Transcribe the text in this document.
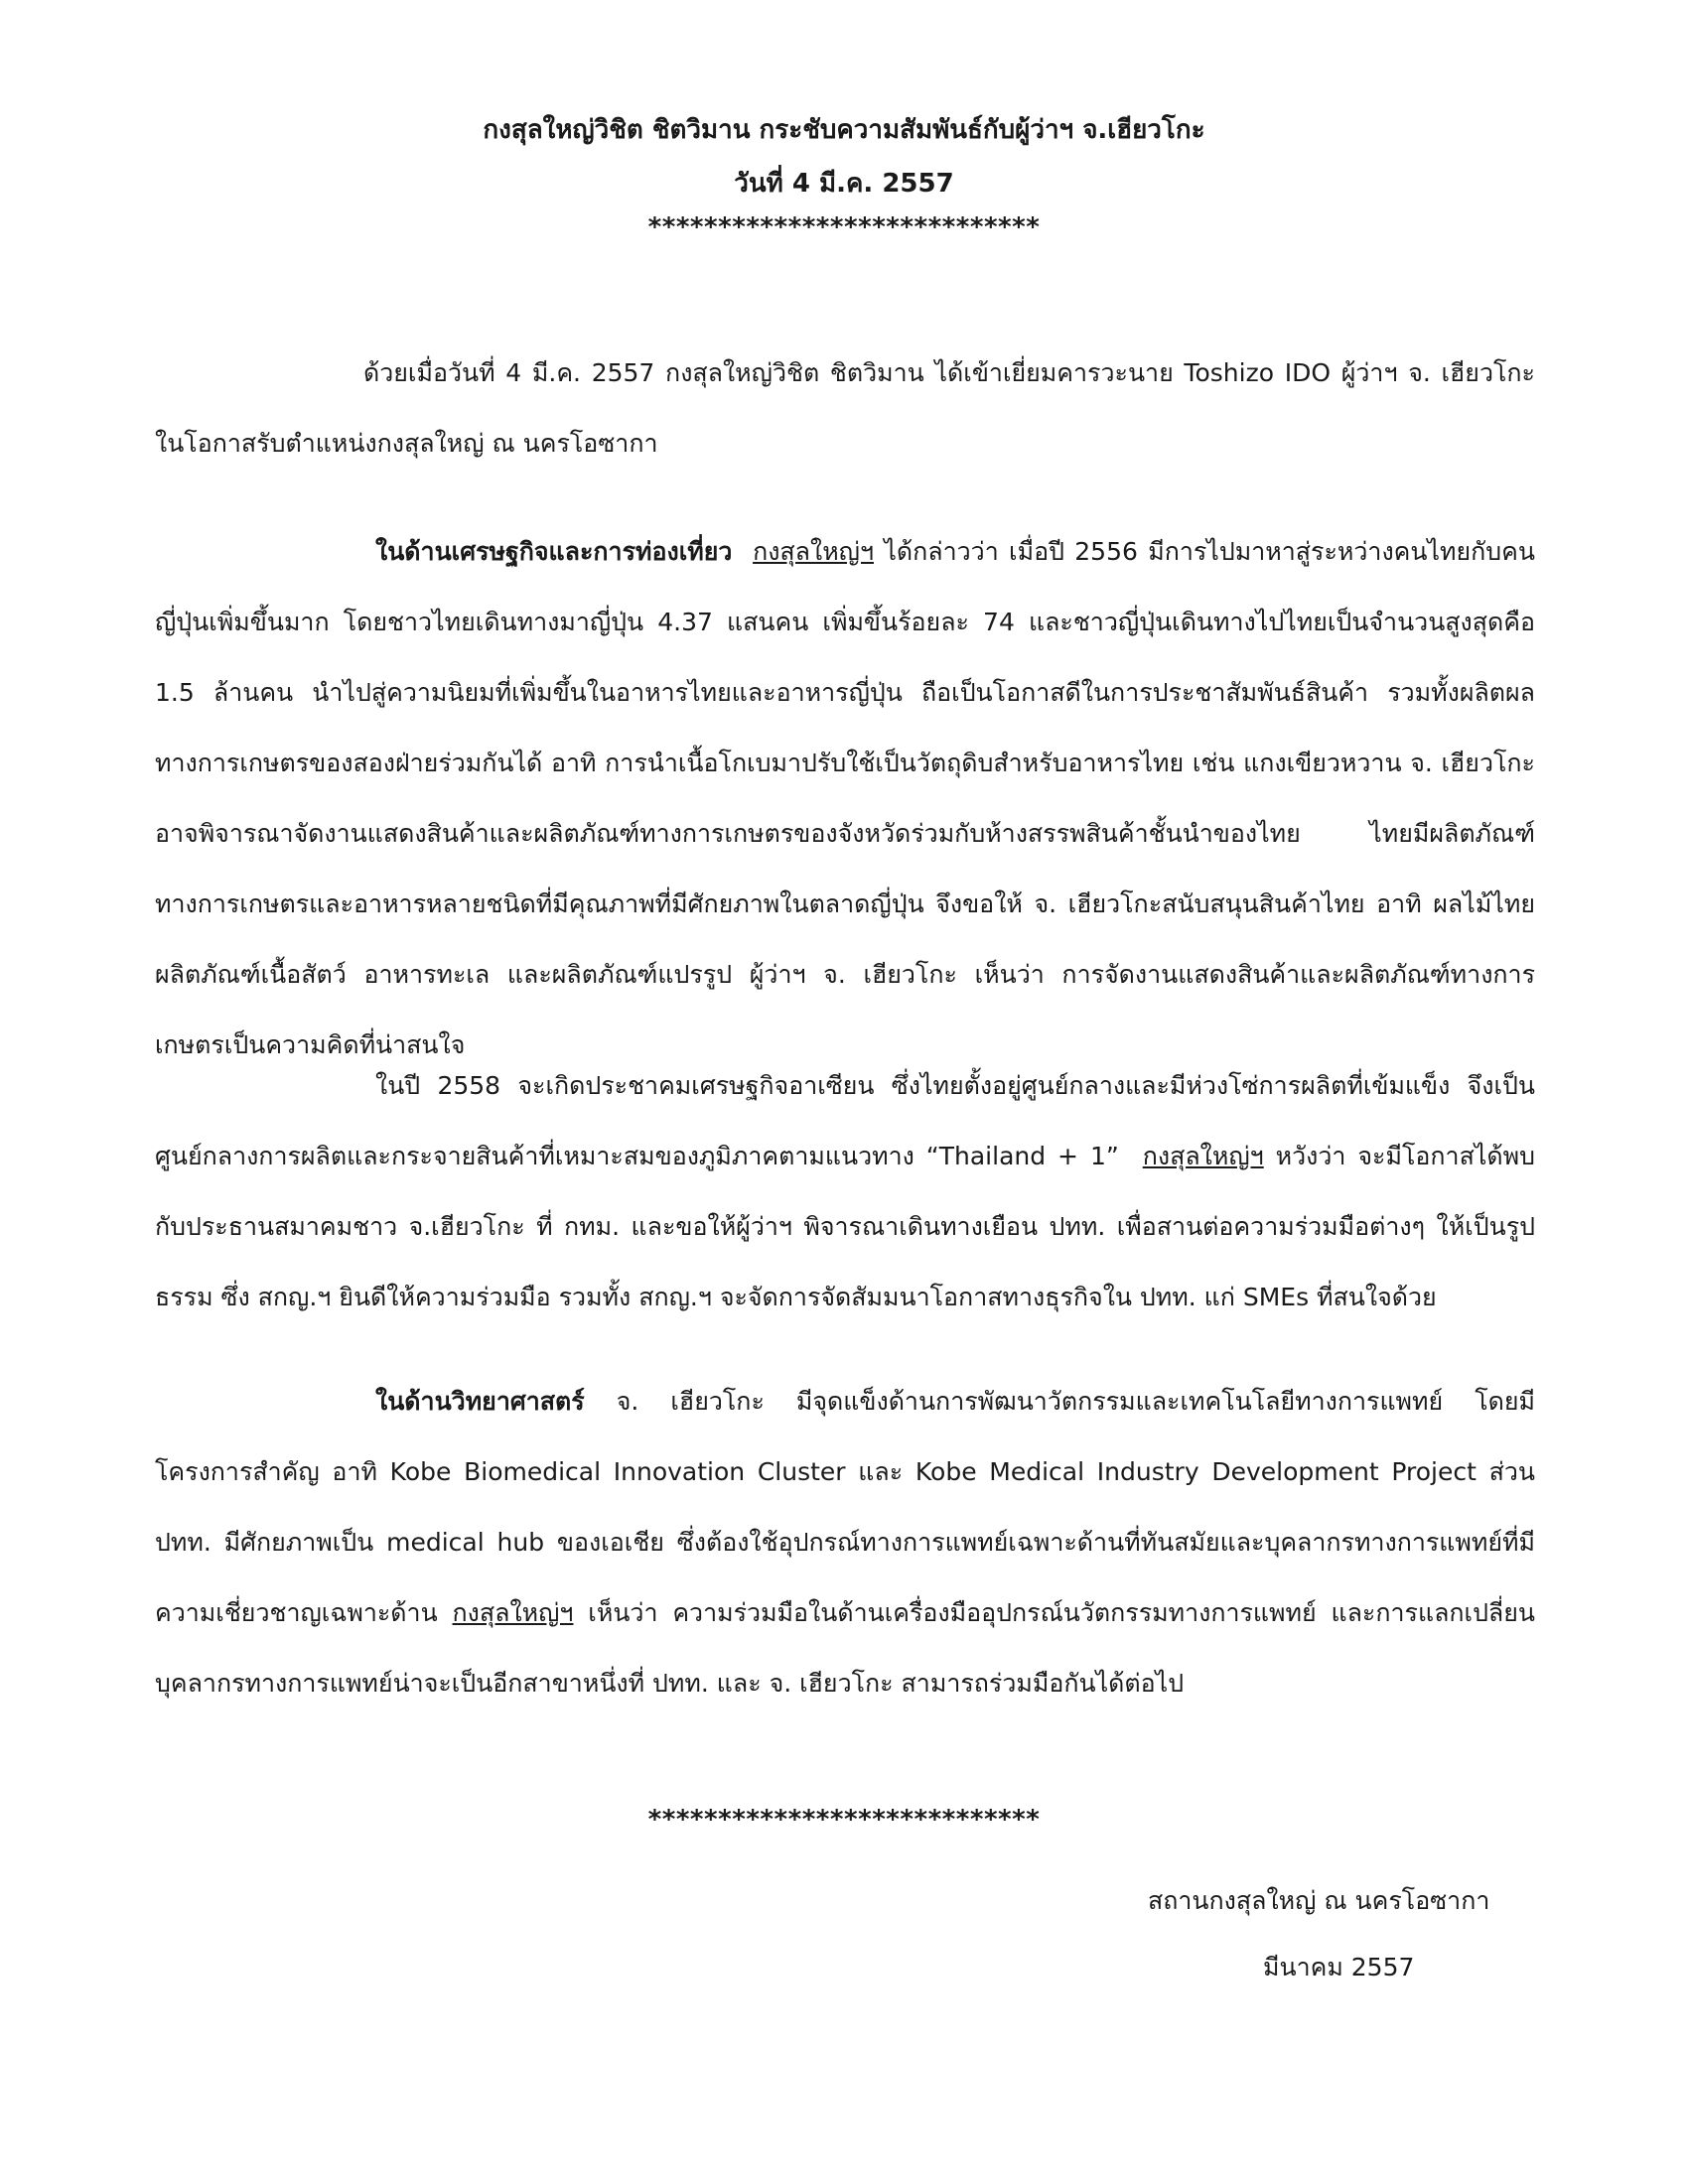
กงสุลใหญ่วิชิต ชิตวิมาน กระชับความสัมพันธ์กับผู้ว่าฯ จ.เฮียวโกะ
วันที่ 4 มี.ค. 2557
****************************
ด้วยเมื่อวันที่ 4 มี.ค. 2557 กงสุลใหญ่วิชิต ชิตวิมาน ได้เข้าเยี่ยมคารวะนาย Toshizo IDO ผู้ว่าฯ จ. เฮียวโกะ ในโอกาสรับตำแหน่งกงสุลใหญ่ ณ นครโอซากา
ในด้านเศรษฐกิจและการท่องเที่ยว กงสุลใหญ่ฯ ได้กล่าวว่า เมื่อปี 2556 มีการไปมาหาสู่ระหว่างคนไทยกับคนญี่ปุ่นเพิ่มขึ้นมาก โดยชาวไทยเดินทางมาญี่ปุ่น 4.37 แสนคน เพิ่มขึ้นร้อยละ 74 และชาวญี่ปุ่นเดินทางไปไทยเป็นจำนวนสูงสุดคือ 1.5 ล้านคน นำไปสู่ความนิยมที่เพิ่มขึ้นในอาหารไทยและอาหารญี่ปุ่น ถือเป็นโอกาสดีในการประชาสัมพันธ์สินค้า รวมทั้งผลิตผลทางการเกษตรของสองฝ่ายร่วมกันได้ อาทิ การนำเนื้อโกเบมาปรับใช้เป็นวัตถุดิบสำหรับอาหารไทย เช่น แกงเขียวหวาน จ. เฮียวโกะ อาจพิจารณาจัดงานแสดงสินค้าและผลิตภัณฑ์ทางการเกษตรของจังหวัดร่วมกับห้างสรรพสินค้าชั้นนำของไทย ไทยมีผลิตภัณฑ์ทางการเกษตรและอาหารหลายชนิดที่มีคุณภาพที่มีศักยภาพในตลาดญี่ปุ่น จึงขอให้ จ. เฮียวโกะสนับสนุนสินค้าไทย อาทิ ผลไม้ไทย ผลิตภัณฑ์เนื้อสัตว์ อาหารทะเล และผลิตภัณฑ์แปรรูป ผู้ว่าฯ จ. เฮียวโกะ เห็นว่า การจัดงานแสดงสินค้าและผลิตภัณฑ์ทางการเกษตรเป็นความคิดที่น่าสนใจ
ในปี 2558 จะเกิดประชาคมเศรษฐกิจอาเซียน ซึ่งไทยตั้งอยู่ศูนย์กลางและมีห่วงโซ่การผลิตที่เข้มแข็ง จึงเป็นศูนย์กลางการผลิตและกระจายสินค้าที่เหมาะสมของภูมิภาคตามแนวทาง “Thailand + 1” กงสุลใหญ่ฯ หวังว่า จะมีโอกาสได้พบกับประธานสมาคมชาว จ.เฮียวโกะ ที่ กทม. และขอให้ผู้ว่าฯ พิจารณาเดินทางเยือน ปทท. เพื่อสานต่อความร่วมมือต่างๆ ให้เป็นรูปธรรม ซึ่ง สกญ.ฯ ยินดีให้ความร่วมมือ รวมทั้ง สกญ.ฯ จะจัดการจัดสัมมนาโอกาสทางธุรกิจใน ปทท. แก่ SMEs ที่สนใจด้วย
ในด้านวิทยาศาสตร์ จ. เฮียวโกะ มีจุดแข็งด้านการพัฒนาวัตกรรมและเทคโนโลยีทางการแพทย์ โดยมีโครงการสำคัญ อาทิ Kobe Biomedical Innovation Cluster และ Kobe Medical Industry Development Project ส่วน ปทท. มีศักยภาพเป็น medical hub ของเอเชีย ซึ่งต้องใช้อุปกรณ์ทางการแพทย์เฉพาะด้านที่ทันสมัยและบุคลากรทางการแพทย์ที่มีความเชี่ยวชาญเฉพาะด้าน กงสุลใหญ่ฯ เห็นว่า ความร่วมมือในด้านเครื่องมืออุปกรณ์นวัตกรรมทางการแพทย์ และการแลกเปลี่ยนบุคลากรทางการแพทย์น่าจะเป็นอีกสาขาหนึ่งที่ ปทท. และ จ. เฮียวโกะ สามารถร่วมมือกันได้ต่อไป
****************************
สถานกงสุลใหญ่ ณ นครโอซากา
มีนาคม 2557
